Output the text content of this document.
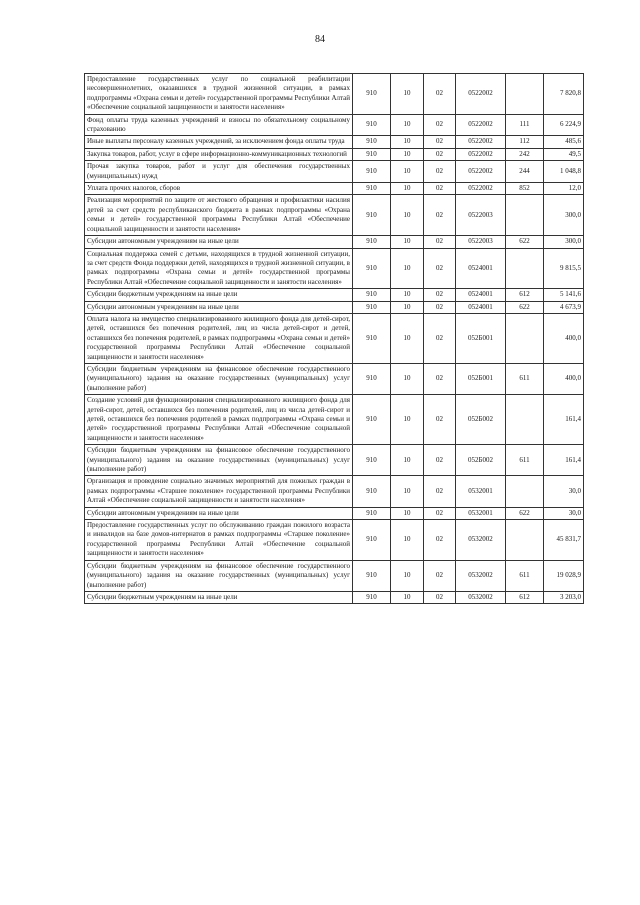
84
Предоставление государственных услуг по социальной реабилитации несовершеннолетних, оказавшихся в трудной жизненной ситуации, в рамках подпрограммы «Охрана семьи и детей» государственной программы Республики Алтай «Обеспечение социальной защищенности и занятости населения»	910	10	02	0522002		7 820,8
Фонд оплаты труда казенных учреждений и взносы по обязательному социальному страхованию	910	10	02	0522002	111	6 224,9
Иные выплаты персоналу казенных учреждений, за исключением фонда оплаты труда	910	10	02	0522002	112	485,6
Закупка товаров, работ, услуг в сфере информационно-коммуникационных технологий	910	10	02	0522002	242	49,5
Прочая закупка товаров, работ и услуг для обеспечения государственных (муниципальных) нужд	910	10	02	0522002	244	1 048,8
Уплата прочих налогов, сборов	910	10	02	0522002	852	12,0
Реализация мероприятий по защите от жестокого обращения и профилактики насилия детей за счет средств республиканского бюджета в рамках подпрограммы «Охрана семьи и детей» государственной программы Республики Алтай «Обеспечение социальной защищенности и занятости населения»	910	10	02	0522003		300,0
Субсидии автономным учреждениям на иные цели	910	10	02	0522003	622	300,0
Социальная поддержка семей с детьми, находящихся в трудной жизненной ситуации, за счет средств Фонда поддержки детей, находящихся в трудной жизненной ситуации, в рамках подпрограммы «Охрана семьи и детей» государственной программы Республики Алтай «Обеспечение социальной защищенности и занятости населения»	910	10	02	0524001		9 815,5
Субсидии бюджетным учреждениям на иные цели	910	10	02	0524001	612	5 141,6
Субсидии автономным учреждениям на иные цели	910	10	02	0524001	622	4 673,9
Оплата налога на имущество специализированного жилищного фонда для детей-сирот, детей, оставшихся без попечения родителей, лиц из числа детей-сирот и детей, оставшихся без попечения родителей, в рамках подпрограммы «Охрана семьи и детей» государственной программы Республики Алтай «Обеспечение социальной защищенности и занятости населения»	910	10	02	052Б001		400,0
Субсидии бюджетным учреждениям на финансовое обеспечение государственного (муниципального) задания на оказание государственных (муниципальных) услуг (выполнение работ)	910	10	02	052Б001	611	400,0
Создание условий для функционирования специализированного жилищного фонда для детей-сирот, детей, оставшихся без попечения родителей, лиц из числа детей-сирот и детей, оставшихся без попечения родителей в рамках подпрограммы «Охрана семьи и детей» государственной программы Республики Алтай «Обеспечение социальной защищенности и занятости населения»	910	10	02	052Б002		161,4
Субсидии бюджетным учреждениям на финансовое обеспечение государственного (муниципального) задания на оказание государственных (муниципальных) услуг (выполнение работ)	910	10	02	052Б002	611	161,4
Организация и проведение социально значимых мероприятий для пожилых граждан в рамках подпрограммы «Старшее поколение» государственной программы Республики Алтай «Обеспечение социальной защищенности и занятости населения»	910	10	02	0532001		30,0
Субсидии автономным учреждениям на иные цели	910	10	02	0532001	622	30,0
Предоставление государственных услуг по обслуживанию граждан пожилого возраста и инвалидов на базе домов-интернатов в рамках подпрограммы «Старшее поколение» государственной программы Республики Алтай «Обеспечение социальной защищенности и занятости населения»	910	10	02	0532002		45 831,7
Субсидии бюджетным учреждениям на финансовое обеспечение государственного (муниципального) задания на оказание государственных (муниципальных) услуг (выполнение работ)	910	10	02	0532002	611	19 028,9
Субсидии бюджетным учреждениям на иные цели	910	10	02	0532002	612	3 203,0
